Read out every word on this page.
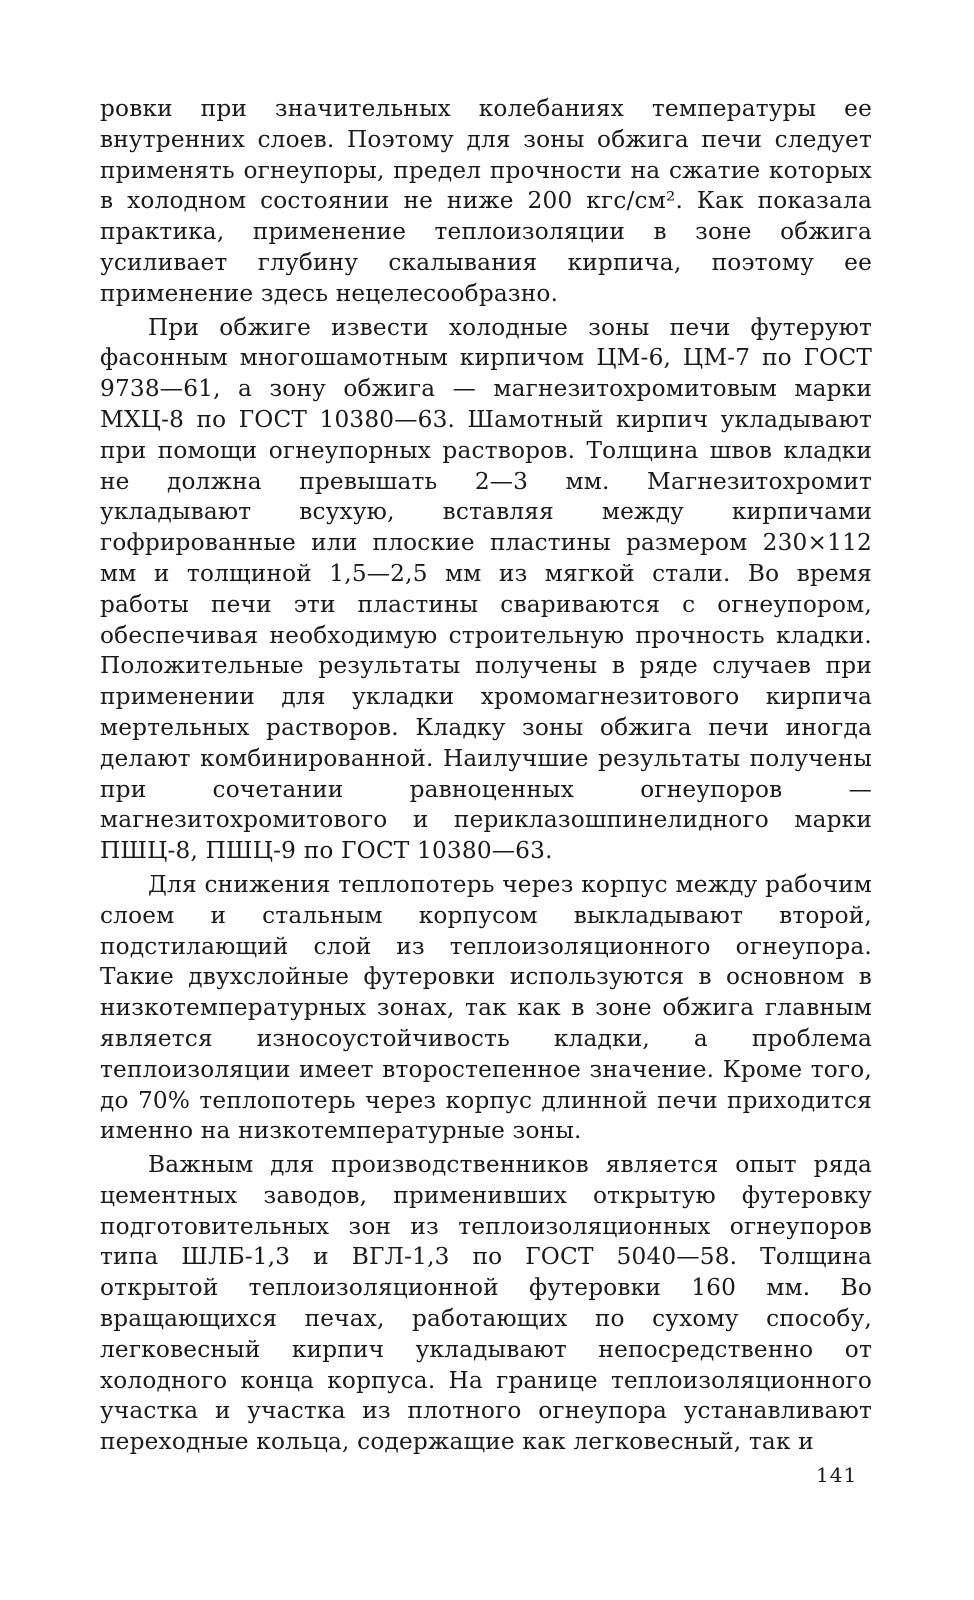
ровки при значительных колебаниях температуры ее внутренних слоев. Поэтому для зоны обжига печи следует применять огнеупоры, предел прочности на сжатие которых в холодном состоянии не ниже 200 кгс/см². Как показала практика, применение теплоизоляции в зоне обжига усиливает глубину скалывания кирпича, поэтому ее применение здесь нецелесообразно.

При обжиге извести холодные зоны печи футеруют фасонным многошамотным кирпичом ЦМ-6, ЦМ-7 по ГОСТ 9738—61, а зону обжига — магнезитохромитовым марки МХЦ-8 по ГОСТ 10380—63. Шамотный кирпич укладывают при помощи огнеупорных растворов. Толщина швов кладки не должна превышать 2—3 мм. Магнезитохромит укладывают всухую, вставляя между кирпичами гофрированные или плоские пластины размером 230×112 мм и толщиной 1,5—2,5 мм из мягкой стали. Во время работы печи эти пластины свариваются с огнеупором, обеспечивая необходимую строительную прочность кладки. Положительные результаты получены в ряде случаев при применении для укладки хромомагнезитового кирпича мертельных растворов. Кладку зоны обжига печи иногда делают комбинированной. Наилучшие результаты получены при сочетании равноценных огнеупоров — магнезитохромитового и периклазошпинелидного марки ПШЦ-8, ПШЦ-9 по ГОСТ 10380—63.

Для снижения теплопотерь через корпус между рабочим слоем и стальным корпусом выкладывают второй, подстилающий слой из теплоизоляционного огнеупора. Такие двухслойные футеровки используются в основном в низкотемпературных зонах, так как в зоне обжига главным является износоустойчивость кладки, а проблема теплоизоляции имеет второстепенное значение. Кроме того, до 70% теплопотерь через корпус длинной печи приходится именно на низкотемпературные зоны.

Важным для производственников является опыт ряда цементных заводов, применивших открытую футеровку подготовительных зон из теплоизоляционных огнеупоров типа ШЛБ-1,3 и ВГЛ-1,3 по ГОСТ 5040—58. Толщина открытой теплоизоляционной футеровки 160 мм. Во вращающихся печах, работающих по сухому способу, легковесный кирпич укладывают непосредственно от холодного конца корпуса. На границе теплоизоляционного участка и участка из плотного огнеупора устанавливают переходные кольца, содержащие как легковесный, так и

141
